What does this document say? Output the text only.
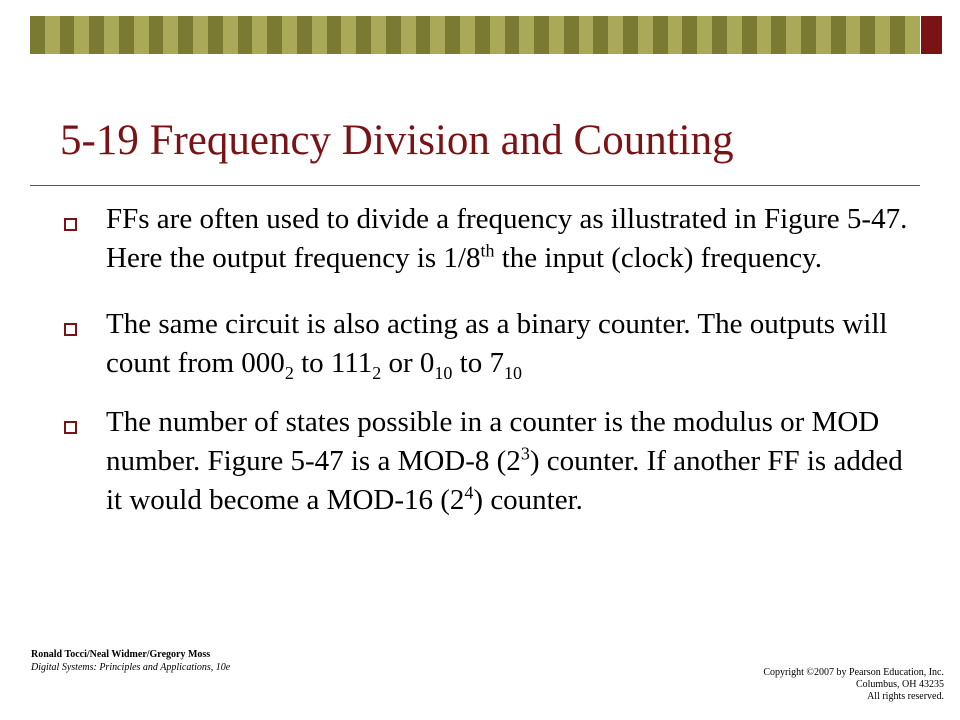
5-19 Frequency Division and Counting

FFs are often used to divide a frequency as illustrated in Figure 5-47. Here the output frequency is 1/8th the input (clock) frequency.

The same circuit is also acting as a binary counter. The outputs will count from $000_2$ to $111_2$ or $0_{10}$ to $7_{10}$

The number of states possible in a counter is the modulus or MOD number. Figure 5-47 is a MOD-8 $(2^3)$ counter. If another FF is added it would become a MOD-16 $(2^4)$ counter.

Ronald Tocci/Neal Widmer/Gregory Moss
Digital Systems: Principles and Applications, 10e	Copyright ©2007 by Pearson Education, Inc.
Columbus, OH 43235
All rights reserved.
